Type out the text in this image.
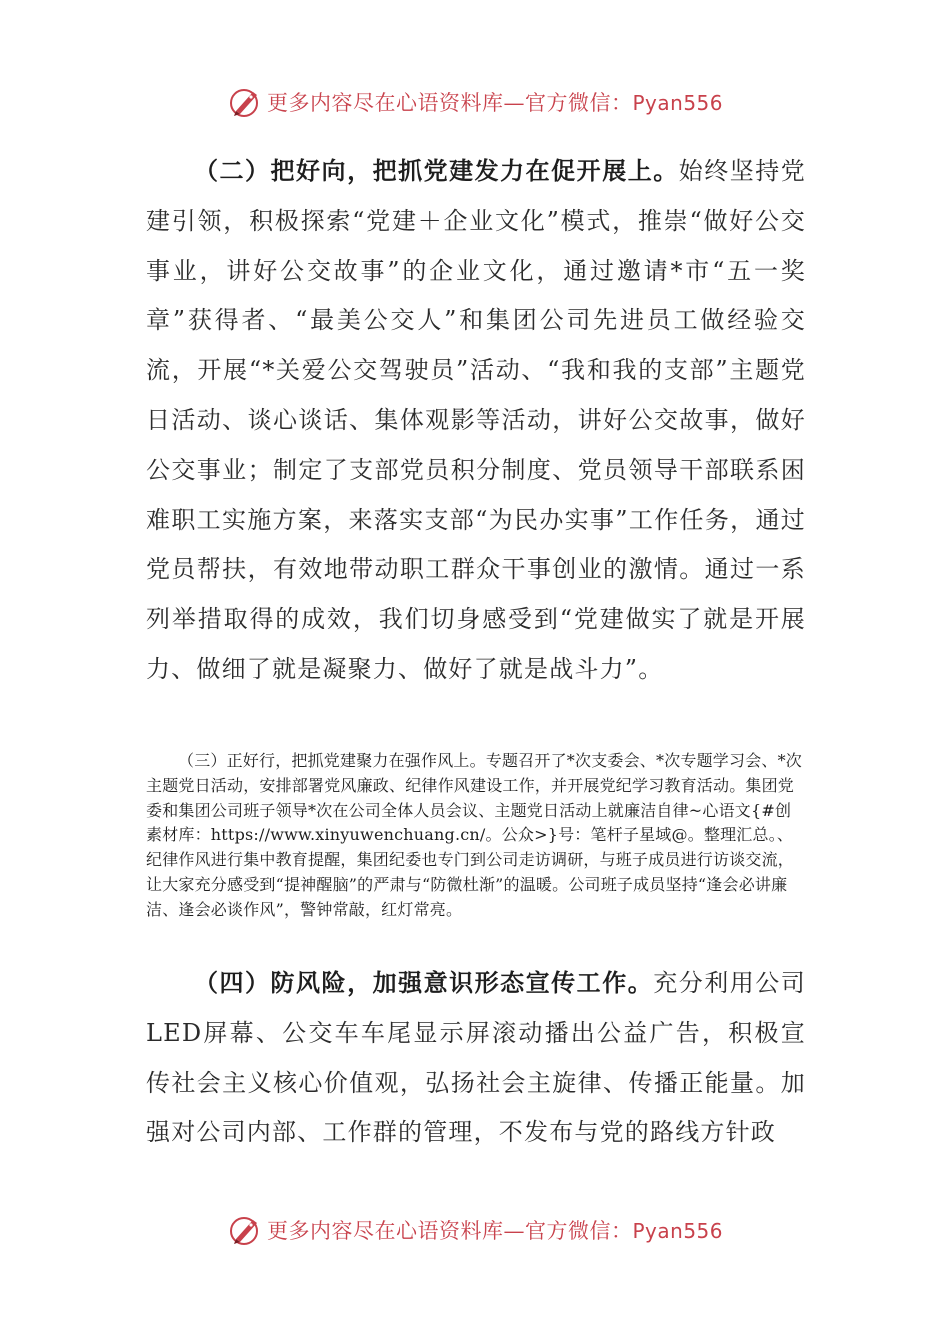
更多内容尽在心语资料库—官方微信：Pyan556

（二）把好向，把抓党建发力在促开展上。始终坚持党建引领，积极探索“党建＋企业文化”模式，推崇“做好公交事业，讲好公交故事”的企业文化，通过邀请*市“五一奖章”获得者、“最美公交人”和集团公司先进员工做经验交流，开展“*关爱公交驾驶员”活动、“我和我的支部”主题党日活动、谈心谈话、集体观影等活动，讲好公交故事，做好公交事业；制定了支部党员积分制度、党员领导干部联系困难职工实施方案，来落实支部“为民办实事”工作任务，通过党员帮扶，有效地带动职工群众干事创业的激情。通过一系列举措取得的成效，我们切身感受到“党建做实了就是开展力、做细了就是凝聚力、做好了就是战斗力”。

（三）正好行，把抓党建聚力在强作风上。专题召开了*次支委会、*次专题学习会、*次主题党日活动，安排部署党风廉政、纪律作风建设工作，并开展党纪学习教育活动。集团党委和集团公司班子领导*次在公司全体人员会议、主题党日活动上就廉洁自律~心语文{#创素材库：https://www.xinyuwenchuang.cn/。公众>}号：笔杆子星域@。整理汇总。、纪律作风进行集中教育提醒，集团纪委也专门到公司走访调研，与班子成员进行访谈交流，让大家充分感受到“提神醒脑”的严肃与“防微杜渐”的温暖。公司班子成员坚持“逢会必讲廉洁、逢会必谈作风”，警钟常敲，红灯常亮。

（四）防风险，加强意识形态宣传工作。充分利用公司LED屏幕、公交车车尾显示屏滚动播出公益广告，积极宣传社会主义核心价值观，弘扬社会主旋律、传播正能量。加强对公司内部、工作群的管理，不发布与党的路线方针政

更多内容尽在心语资料库—官方微信：Pyan556
